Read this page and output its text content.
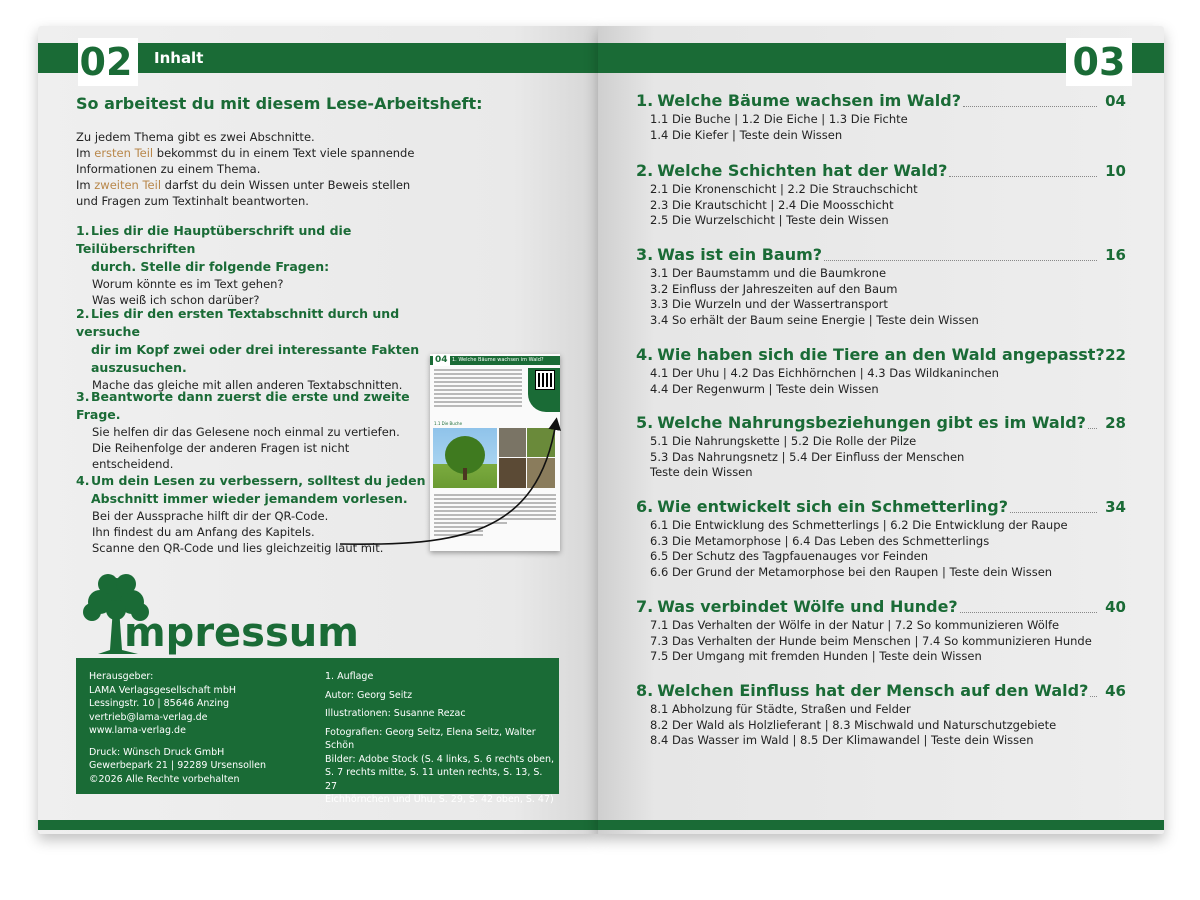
02	Inhalt
So arbeitest du mit diesem Lese-Arbeitsheft:
Zu jedem Thema gibt es zwei Abschnitte.
Im ersten Teil bekommst du in einem Text viele spannende
Informationen zu einem Thema.
Im zweiten Teil darfst du dein Wissen unter Beweis stellen
und Fragen zum Textinhalt beantworten.
1. Lies dir die Hauptüberschrift und die Teilüberschriften
durch. Stelle dir folgende Fragen:
Worum könnte es im Text gehen?
Was weiß ich schon darüber?
2. Lies dir den ersten Textabschnitt durch und versuche
dir im Kopf zwei oder drei interessante Fakten
auszusuchen.
Mache das gleiche mit allen anderen Textabschnitten.
3. Beantworte dann zuerst die erste und zweite Frage.
Sie helfen dir das Gelesene noch einmal zu vertiefen.
Die Reihenfolge der anderen Fragen ist nicht
entscheidend.
4. Um dein Lesen zu verbessern, solltest du jeden
Abschnitt immer wieder jemandem vorlesen.
Bei der Aussprache hilft dir der QR-Code.
Ihn findest du am Anfang des Kapitels.
Scanne den QR-Code und lies gleichzeitig laut mit.
04 1. Welche Bäume wachsen im Wald?
1.1 Die Buche
mpressum

Herausgeber:

LAMA Verlagsgesellschaft mbH

Lessingstr. 10 | 85646 Anzing

vertrieb@lama-verlag.de

www.lama-verlag.de

Druck: Wünsch Druck GmbH

Gewerbepark 21 | 92289 Ursensollen

©2026 Alle Rechte vorbehalten

1. Auflage

Autor: Georg Seitz

Illustrationen: Susanne Rezac

Fotografien: Georg Seitz, Elena Seitz, Walter Schön

Bilder: Adobe Stock (S. 4 links, S. 6 rechts oben,

S. 7 rechts mitte, S. 11 unten rechts, S. 13, S. 27

Eichhörnchen und Uhu, S. 29, S. 42 oben, S. 47)

03
1. Welche Bäume wachsen im Wald?	04
1.1 Die Buche | 1.2 Die Eiche | 1.3 Die Fichte
1.4 Die Kiefer | Teste dein Wissen
2. Welche Schichten hat der Wald?	10
2.1 Die Kronenschicht | 2.2 Die Strauchschicht
2.3 Die Krautschicht | 2.4 Die Moosschicht
2.5 Die Wurzelschicht | Teste dein Wissen
3. Was ist ein Baum?	16
3.1 Der Baumstamm und die Baumkrone
3.2 Einfluss der Jahreszeiten auf den Baum
3.3 Die Wurzeln und der Wassertransport
3.4 So erhält der Baum seine Energie | Teste dein Wissen
4. Wie haben sich die Tiere an den Wald angepasst? 22
4.1 Der Uhu | 4.2 Das Eichhörnchen | 4.3 Das Wildkaninchen
4.4 Der Regenwurm | Teste dein Wissen
5. Welche Nahrungsbeziehungen gibt es im Wald? 28
5.1 Die Nahrungskette | 5.2 Die Rolle der Pilze
5.3 Das Nahrungsnetz | 5.4 Der Einfluss der Menschen
Teste dein Wissen
6. Wie entwickelt sich ein Schmetterling?	34
6.1 Die Entwicklung des Schmetterlings | 6.2 Die Entwicklung der Raupe
6.3 Die Metamorphose | 6.4 Das Leben des Schmetterlings
6.5 Der Schutz des Tagpfauenauges vor Feinden
6.6 Der Grund der Metamorphose bei den Raupen | Teste dein Wissen
7. Was verbindet Wölfe und Hunde?	40
7.1 Das Verhalten der Wölfe in der Natur | 7.2 So kommunizieren Wölfe
7.3 Das Verhalten der Hunde beim Menschen | 7.4 So kommunizieren Hunde
7.5 Der Umgang mit fremden Hunden | Teste dein Wissen
8. Welchen Einfluss hat der Mensch auf den Wald? 46
8.1 Abholzung für Städte, Straßen und Felder
8.2 Der Wald als Holzlieferant | 8.3 Mischwald und Naturschutzgebiete
8.4 Das Wasser im Wald | 8.5 Der Klimawandel | Teste dein Wissen
